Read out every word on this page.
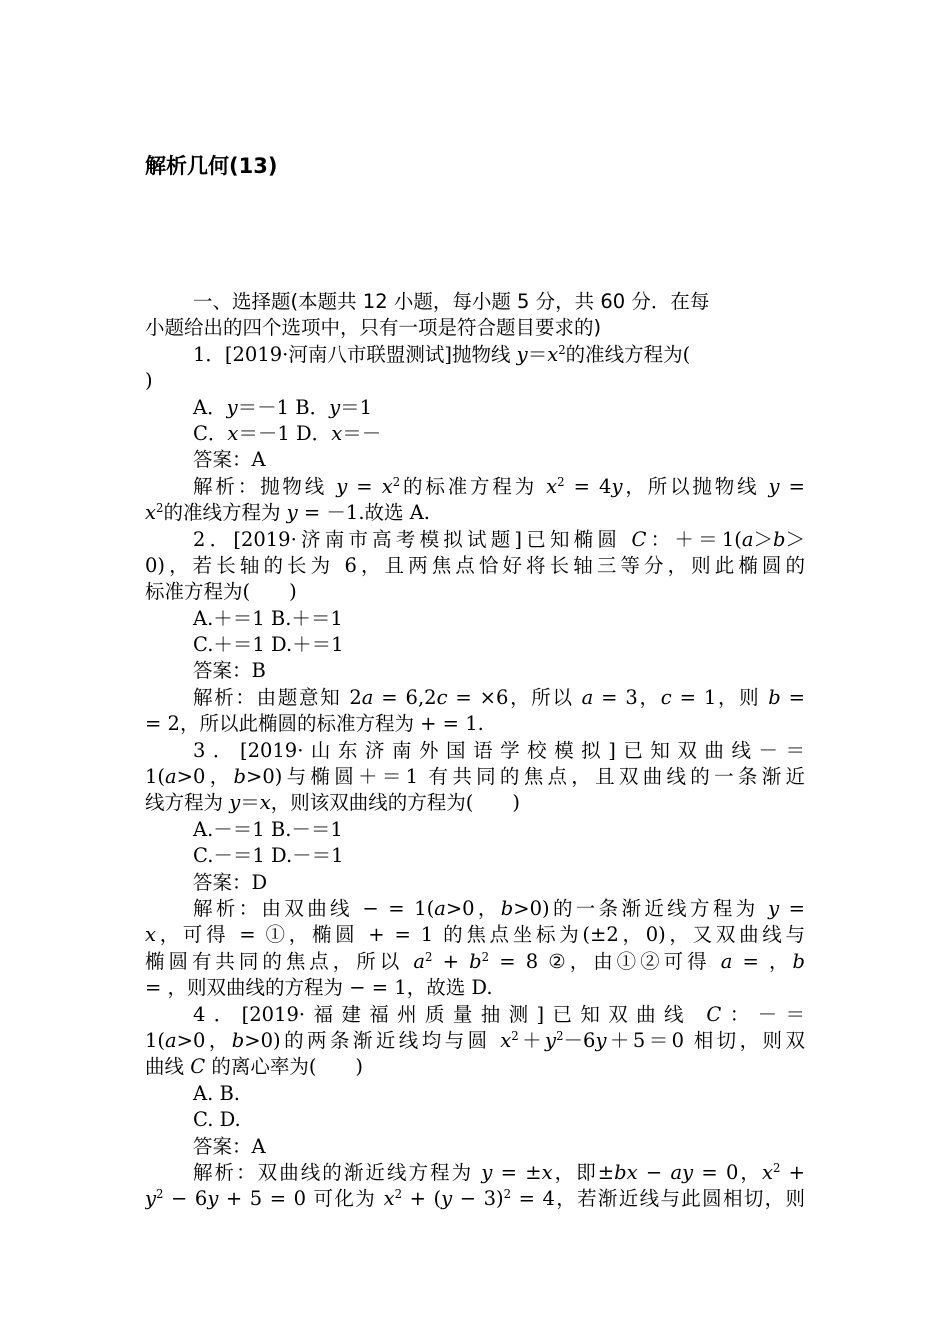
解析几何(13)
一、选择题(本题共 12 小题，每小题 5 分，共 60 分．在每
小题给出的四个选项中，只有一项是符合题目要求的)
1．[2019·河南八市联盟测试]抛物线 $y=x^2$的准线方程为(
)
A．y＝－1 B．y＝1
C．x＝－1 D．x＝－
答案：A
解析：抛物线 $y = x^2$的标准方程为 $x^2 = 4y$，所以抛物线 y =
$x^2$的准线方程为 y = －1.故选 A.
2．[2019·济南市高考模拟试题]已知椭圆 C：＋＝1(a＞b＞
0)，若长轴的长为 6，且两焦点恰好将长轴三等分，则此椭圆的
标准方程为(　　)
A.＋＝1 B.＋＝1
C.＋＝1 D.＋＝1
答案：B
解析：由题意知 2a = 6,2c = ×6，所以 a = 3，c = 1，则 b =
= 2，所以此椭圆的标准方程为 + = 1.
3．[2019·山东济南外国语学校模拟]已知双曲线－＝
1(a>0，b>0)与椭圆＋＝1 有共同的焦点，且双曲线的一条渐近
线方程为 y＝x，则该双曲线的方程为(　　)
A.－＝1 B.－＝1
C.－＝1 D.－＝1
答案：D
解析：由双曲线 − = 1(a>0，b>0)的一条渐近线方程为 y =
x，可得 = ①，椭圆 + = 1 的焦点坐标为(±2，0)，又双曲线与
椭圆有共同的焦点，所以 $a^2 + b^2 = 8$ ②，由①②可得 a = ，b
= ，则双曲线的方程为 − = 1，故选 D.
4．[2019·福建福州质量抽测]已知双曲线 C：－＝
1(a>0，b>0)的两条渐近线均与圆 $x^2+y^2-6y+5=0$ 相切，则双
曲线 C 的离心率为(　　)
A. B.
C. D.
答案：A
解析：双曲线的渐近线方程为 y = ±x，即±bx − ay = 0，$x^2$ +
$y^2 - 6y + 5 = 0$ 可化为 $x^2 + (y - 3)^2 = 4$，若渐近线与此圆相切，则
